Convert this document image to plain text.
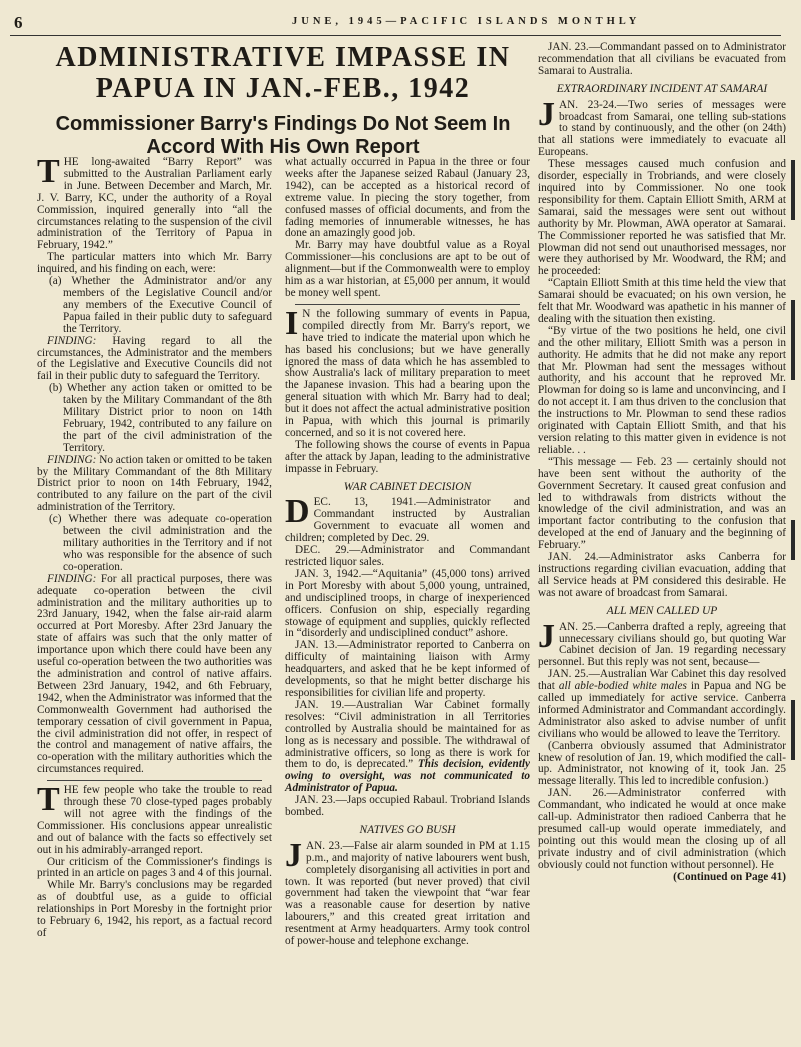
6	JUNE, 1945—PACIFIC ISLANDS MONTHLY
ADMINISTRATIVE IMPASSE IN PAPUA IN JAN.-FEB., 1942
Commissioner Barry's Findings Do Not Seem In Accord With His Own Report

THE long-awaited “Barry Report” was submitted to the Australian Parliament early in June. Between December and March, Mr. J. V. Barry, KC, under the authority of a Royal Commission, inquired generally into “all the circumstances relating to the suspension of the civil administration of the Territory of Papua in February, 1942.”

The particular matters into which Mr. Barry inquired, and his finding on each, were:

(a) Whether the Administrator and/or any members of the Legislative Council and/or any members of the Executive Council of Papua failed in their public duty to safeguard the Territory.

FINDING: Having regard to all the circumstances, the Administrator and the members of the Legislative and Executive Councils did not fail in their public duty to safeguard the Territory.

(b) Whether any action taken or omitted to be taken by the Military Commandant of the 8th Military District prior to noon on 14th February, 1942, contributed to any failure on the part of the civil administration of the Territory.

FINDING: No action taken or omitted to be taken by the Military Commandant of the 8th Military District prior to noon on 14th February, 1942, contributed to any failure on the part of the civil administration of the Territory.

(c) Whether there was adequate co-operation between the civil administration and the military authorities in the Territory and if not who was responsible for the absence of such co-operation.

FINDING: For all practical purposes, there was adequate co-operation between the civil administration and the military authorities up to 23rd January, 1942, when the false air-raid alarm occurred at Port Moresby. After 23rd January the state of affairs was such that the only matter of importance upon which there could have been any useful co-operation between the two authorities was the administration and control of native affairs. Between 23rd January, 1942, and 6th February, 1942, when the Administrator was informed that the Commonwealth Government had authorised the temporary cessation of civil government in Papua, the civil administration did not offer, in respect of the control and management of native affairs, the co-operation with the military authorities which the circumstances required.

THE few people who take the trouble to read through these 70 close-typed pages probably will not agree with the findings of the Commissioner. His conclusions appear unrealistic and out of balance with the facts so effectively set out in his admirably-arranged report.

Our criticism of the Commissioner's findings is printed in an article on pages 3 and 4 of this journal.

While Mr. Barry's conclusions may be regarded as of doubtful use, as a guide to official relationships in Port Moresby in the fortnight prior to February 6, 1942, his report, as a factual record of

what actually occurred in Papua in the three or four weeks after the Japanese seized Rabaul (January 23, 1942), can be accepted as a historical record of extreme value. In piecing the story together, from confused masses of official documents, and from the fading memories of innumerable witnesses, he has done an amazingly good job.

Mr. Barry may have doubtful value as a Royal Commissioner—his conclusions are apt to be out of alignment—but if the Commonwealth were to employ him as a war historian, at £5,000 per annum, it would be money well spent.

I N the following summary of events in Papua, compiled directly from Mr. Barry's report, we have tried to indicate the material upon which he has based his conclusions; but we have generally ignored the mass of data which he has assembled to show Australia's lack of military preparation to meet the Japanese invasion. This had a bearing upon the general situation with which Mr. Barry had to deal; but it does not affect the actual administrative position in Papua, with which this journal is primarily concerned, and so it is not covered here.

The following shows the course of events in Papua after the attack by Japan, leading to the administrative impasse in February.

WAR CABINET DECISION

DEC. 13, 1941.—Administrator and Commandant instructed by Australian Government to evacuate all women and children; completed by Dec. 29.

DEC. 29.—Administrator and Commandant restricted liquor sales.

JAN. 3, 1942.—“Aquitania” (45,000 tons) arrived in Port Moresby with about 5,000 young, untrained, and undisciplined troops, in charge of inexperienced officers. Confusion on ship, especially regarding stowage of equipment and supplies, quickly reflected in “disorderly and undisciplined conduct” ashore.

JAN. 13.—Administrator reported to Canberra on difficulty of maintaining liaison with Army headquarters, and asked that he be kept informed of developments, so that he might better discharge his responsibilities for civilian life and property.

JAN. 19.—Australian War Cabinet formally resolves: “Civil administration in all Territories controlled by Australia should be maintained for as long as is necessary and possible. The withdrawal of administrative officers, so long as there is work for them to do, is deprecated.” This decision, evidently owing to oversight, was not communicated to Administrator of Papua.

JAN. 23.—Japs occupied Rabaul. Trobriand Islands bombed.

NATIVES GO BUSH

JAN. 23.—False air alarm sounded in PM at 1.15 p.m., and majority of native labourers went bush, completely disorganising all activities in port and town. It was reported (but never proved) that civil government had taken the viewpoint that “war fear was a reasonable cause for desertion by native labourers,” and this created great irritation and resentment at Army headquarters. Army took control of power-house and telephone exchange.

JAN. 23.—Commandant passed on to Administrator recommendation that all civilians be evacuated from Samarai to Australia.

EXTRAORDINARY INCIDENT AT SAMARAI

JAN. 23-24.—Two series of messages were broadcast from Samarai, one telling sub-stations to stand by continuously, and the other (on 24th) that all stations were immediately to evacuate all Europeans.

These messages caused much confusion and disorder, especially in Trobriands, and were closely inquired into by Commissioner. No one took responsibility for them. Captain Elliott Smith, ARM at Samarai, said the messages were sent out without authority by Mr. Plowman, AWA operator at Samarai. The Commissioner reported he was satisfied that Mr. Plowman did not send out unauthorised messages, nor were they authorised by Mr. Woodward, the RM; and he proceeded:

“Captain Elliott Smith at this time held the view that Samarai should be evacuated; on his own version, he felt that Mr. Woodward was apathetic in his manner of dealing with the situation then existing.

“By virtue of the two positions he held, one civil and the other military, Elliott Smith was a person in authority. He admits that he did not make any report that Mr. Plowman had sent the messages without authority, and his account that he reproved Mr. Plowman for doing so is lame and unconvincing, and I do not accept it. I am thus driven to the conclusion that the instructions to Mr. Plowman to send these radios originated with Captain Elliott Smith, and that his version relating to this matter given in evidence is not reliable. . .

“This message — Feb. 23 — certainly should not have been sent without the authority of the Government Secretary. It caused great confusion and led to withdrawals from districts without the knowledge of the civil administration, and was an important factor contributing to the confusion that developed at the end of January and the beginning of February.”

JAN. 24.—Administrator asks Canberra for instructions regarding civilian evacuation, adding that all Service heads at PM considered this desirable. He was not aware of broadcast from Samarai.

ALL MEN CALLED UP

JAN. 25.—Canberra drafted a reply, agreeing that unnecessary civilians should go, but quoting War Cabinet decision of Jan. 19 regarding necessary personnel. But this reply was not sent, because—

JAN. 25.—Australian War Cabinet this day resolved that all able-bodied white males in Papua and NG be called up immediately for active service. Canberra informed Administrator and Commandant accordingly. Administrator also asked to advise number of unfit civilians who would be allowed to leave the Territory.

(Canberra obviously assumed that Administrator knew of resolution of Jan. 19, which modified the call-up. Administrator, not knowing of it, took Jan. 25 message literally. This led to incredible confusion.)

JAN. 26.—Administrator conferred with Commandant, who indicated he would at once make call-up. Administrator then radioed Canberra that he presumed call-up would operate immediately, and pointing out this would mean the closing up of all private industry and of civil administration (which obviously could not function without personnel). He

(Continued on Page 41)
